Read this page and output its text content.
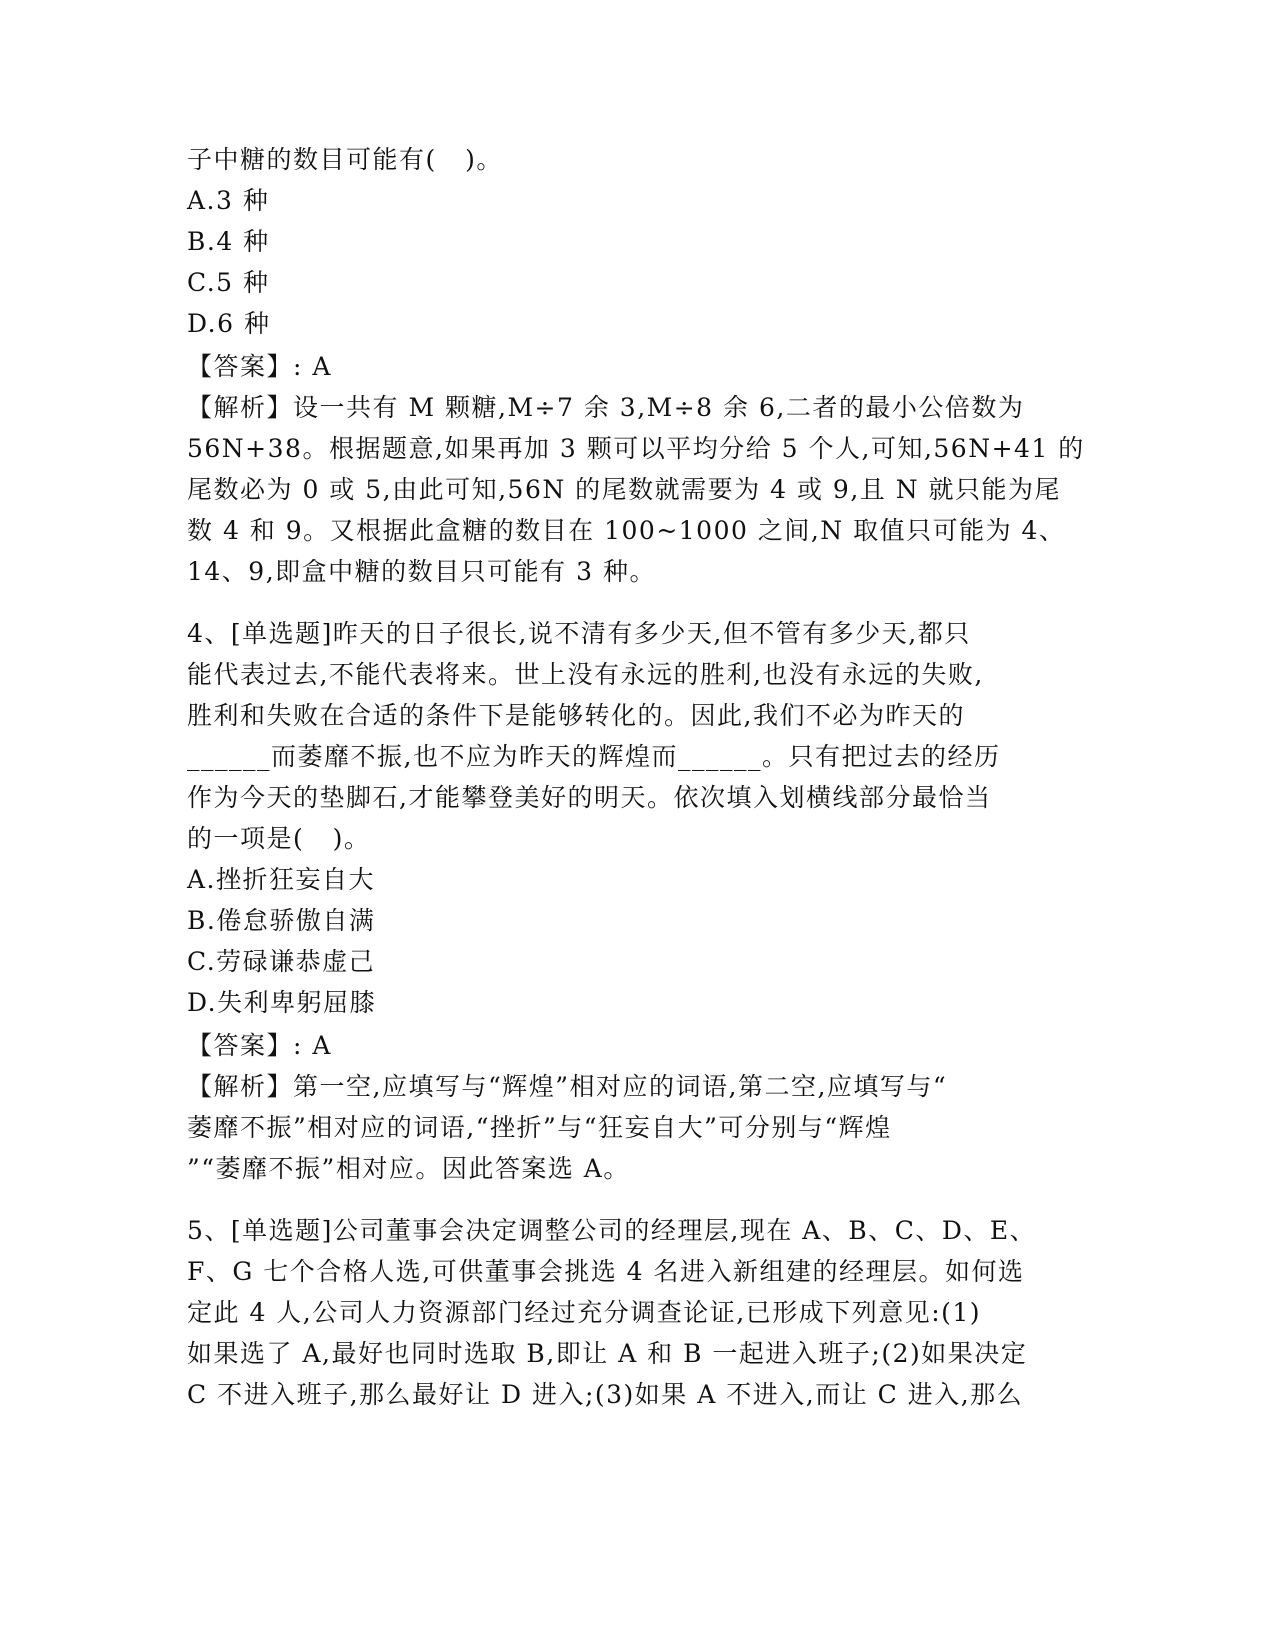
子中糖的数目可能有(   )。
A.3 种
B.4 种
C.5 种
D.6 种
【答案】: A
【解析】设一共有 M 颗糖,M÷7 余 3,M÷8 余 6,二者的最小公倍数为
56N+38。根据题意,如果再加 3 颗可以平均分给 5 个人,可知,56N+41 的
尾数必为 0 或 5,由此可知,56N 的尾数就需要为 4 或 9,且 N 就只能为尾
数 4 和 9。又根据此盒糖的数目在 100~1000 之间,N 取值只可能为 4、
14、9,即盒中糖的数目只可能有 3 种。
4、[单选题]昨天的日子很长,说不清有多少天,但不管有多少天,都只
能代表过去,不能代表将来。世上没有永远的胜利,也没有永远的失败,
胜利和失败在合适的条件下是能够转化的。因此,我们不必为昨天的
______而萎靡不振,也不应为昨天的辉煌而______。只有把过去的经历
作为今天的垫脚石,才能攀登美好的明天。依次填入划横线部分最恰当
的一项是(   )。
A.挫折狂妄自大
B.倦怠骄傲自满
C.劳碌谦恭虚己
D.失利卑躬屈膝
【答案】: A
【解析】第一空,应填写与“辉煌”相对应的词语,第二空,应填写与“
萎靡不振”相对应的词语,“挫折”与“狂妄自大”可分别与“辉煌
”“萎靡不振”相对应。因此答案选 A。
5、[单选题]公司董事会决定调整公司的经理层,现在 A、B、C、D、E、
F、G 七个合格人选,可供董事会挑选 4 名进入新组建的经理层。如何选
定此 4 人,公司人力资源部门经过充分调查论证,已形成下列意见:(1)
如果选了 A,最好也同时选取 B,即让 A 和 B 一起进入班子;(2)如果决定
C 不进入班子,那么最好让 D 进入;(3)如果 A 不进入,而让 C 进入,那么
